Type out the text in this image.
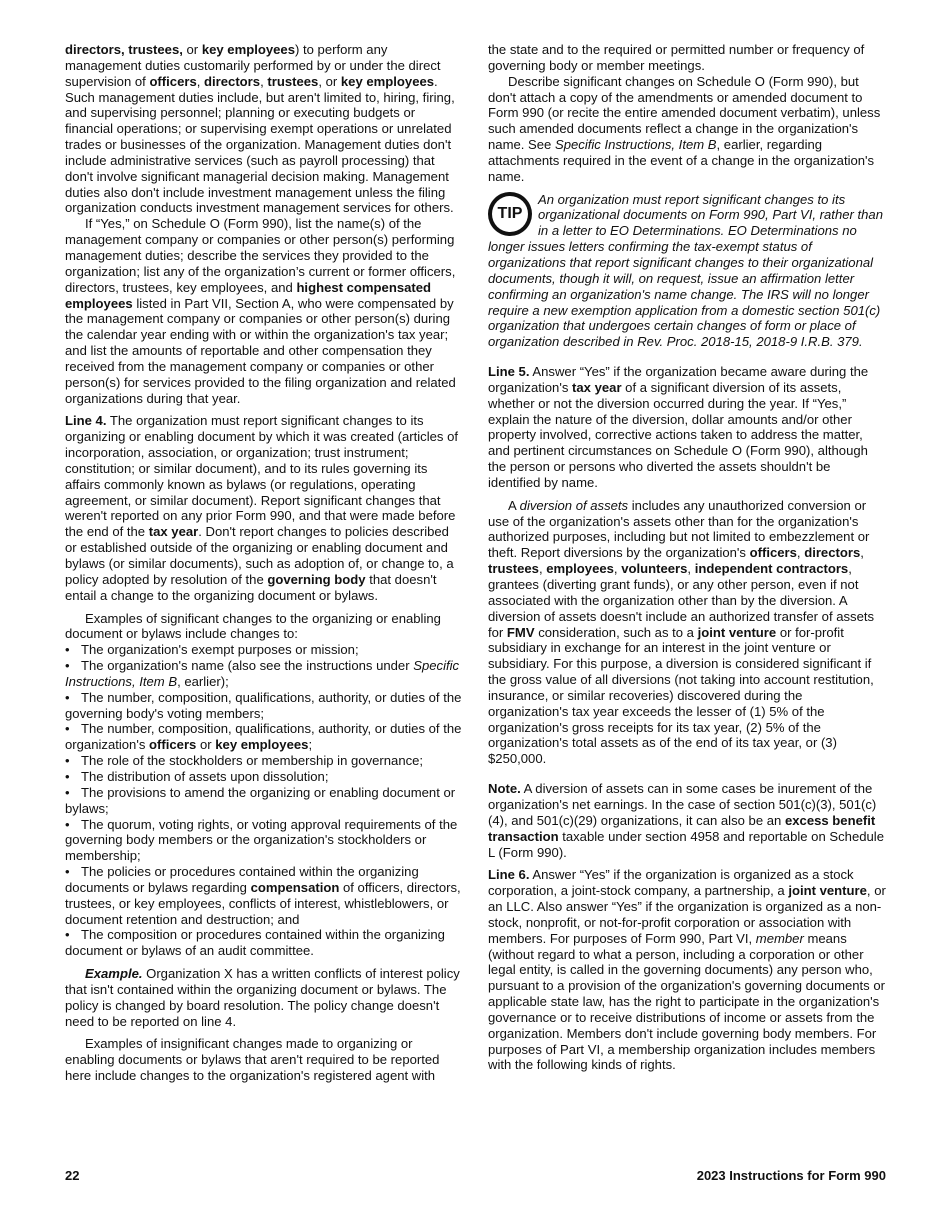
directors, trustees, or key employees) to perform any management duties customarily performed by or under the direct supervision of officers, directors, trustees, or key employees. Such management duties include, but aren't limited to, hiring, firing, and supervising personnel; planning or executing budgets or financial operations; or supervising exempt operations or unrelated trades or businesses of the organization. Management duties don't include administrative services (such as payroll processing) that don't involve significant managerial decision making. Management duties also don't include investment management unless the filing organization conducts investment management services for others.

If “Yes,” on Schedule O (Form 990), list the name(s) of the management company or companies or other person(s) performing management duties; describe the services they provided to the organization; list any of the organization’s current or former officers, directors, trustees, key employees, and highest compensated employees listed in Part VII, Section A, who were compensated by the management company or companies or other person(s) during the calendar year ending with or within the organization's tax year; and list the amounts of reportable and other compensation they received from the management company or companies or other person(s) for services provided to the filing organization and related organizations during that year.

Line 4. The organization must report significant changes to its organizing or enabling document by which it was created (articles of incorporation, association, or organization; trust instrument; constitution; or similar document), and to its rules governing its affairs commonly known as bylaws (or regulations, operating agreement, or similar document). Report significant changes that weren't reported on any prior Form 990, and that were made before the end of the tax year. Don't report changes to policies described or established outside of the organizing or enabling document and bylaws (or similar documents), such as adoption of, or change to, a policy adopted by resolution of the governing body that doesn't entail a change to the organizing document or bylaws.

Examples of significant changes to the organizing or enabling document or bylaws include changes to:

• The organization's exempt purposes or mission;

• The organization's name (also see the instructions under Specific Instructions, Item B, earlier);

• The number, composition, qualifications, authority, or duties of the governing body's voting members;

• The number, composition, qualifications, authority, or duties of the organization's officers or key employees;

• The role of the stockholders or membership in governance;

• The distribution of assets upon dissolution;

• The provisions to amend the organizing or enabling document or bylaws;

• The quorum, voting rights, or voting approval requirements of the governing body members or the organization's stockholders or membership;

• The policies or procedures contained within the organizing documents or bylaws regarding compensation of officers, directors, trustees, or key employees, conflicts of interest, whistleblowers, or document retention and destruction; and

• The composition or procedures contained within the organizing document or bylaws of an audit committee.

Example. Organization X has a written conflicts of interest policy that isn't contained within the organizing document or bylaws. The policy is changed by board resolution. The policy change doesn't need to be reported on line 4.

Examples of insignificant changes made to organizing or enabling documents or bylaws that aren't required to be reported here include changes to the organization's registered agent with

the state and to the required or permitted number or frequency of governing body or member meetings.

Describe significant changes on Schedule O (Form 990), but don't attach a copy of the amendments or amended document to Form 990 (or recite the entire amended document verbatim), unless such amended documents reflect a change in the organization's name. See Specific Instructions, Item B, earlier, regarding attachments required in the event of a change in the organization's name.

TIP
An organization must report significant changes to its organizational documents on Form 990, Part VI, rather than in a letter to EO Determinations. EO Determinations no longer issues letters confirming the tax-exempt status of organizations that report significant changes to their organizational documents, though it will, on request, issue an affirmation letter confirming an organization's name change. The IRS will no longer require a new exemption application from a domestic section 501(c) organization that undergoes certain changes of form or place of organization described in Rev. Proc. 2018-15, 2018-9 I.R.B. 379.

Line 5. Answer “Yes” if the organization became aware during the organization's tax year of a significant diversion of its assets, whether or not the diversion occurred during the year. If “Yes,” explain the nature of the diversion, dollar amounts and/or other property involved, corrective actions taken to address the matter, and pertinent circumstances on Schedule O (Form 990), although the person or persons who diverted the assets shouldn't be identified by name.

A diversion of assets includes any unauthorized conversion or use of the organization's assets other than for the organization's authorized purposes, including but not limited to embezzlement or theft. Report diversions by the organization's officers, directors, trustees, employees, volunteers, independent contractors, grantees (diverting grant funds), or any other person, even if not associated with the organization other than by the diversion. A diversion of assets doesn't include an authorized transfer of assets for FMV consideration, such as to a joint venture or for-profit subsidiary in exchange for an interest in the joint venture or subsidiary. For this purpose, a diversion is considered significant if the gross value of all diversions (not taking into account restitution, insurance, or similar recoveries) discovered during the organization's tax year exceeds the lesser of (1) 5% of the organization's gross receipts for its tax year, (2) 5% of the organization's total assets as of the end of its tax year, or (3) $250,000.

Note. A diversion of assets can in some cases be inurement of the organization's net earnings. In the case of section 501(c)(3), 501(c)(4), and 501(c)(29) organizations, it can also be an excess benefit transaction taxable under section 4958 and reportable on Schedule L (Form 990).

Line 6. Answer “Yes” if the organization is organized as a stock corporation, a joint-stock company, a partnership, a joint venture, or an LLC. Also answer “Yes” if the organization is organized as a non-stock, nonprofit, or not-for-profit corporation or association with members. For purposes of Form 990, Part VI, member means (without regard to what a person, including a corporation or other legal entity, is called in the governing documents) any person who, pursuant to a provision of the organization's governing documents or applicable state law, has the right to participate in the organization's governance or to receive distributions of income or assets from the organization. Members don't include governing body members. For purposes of Part VI, a membership organization includes members with the following kinds of rights.

22	2023 Instructions for Form 990
